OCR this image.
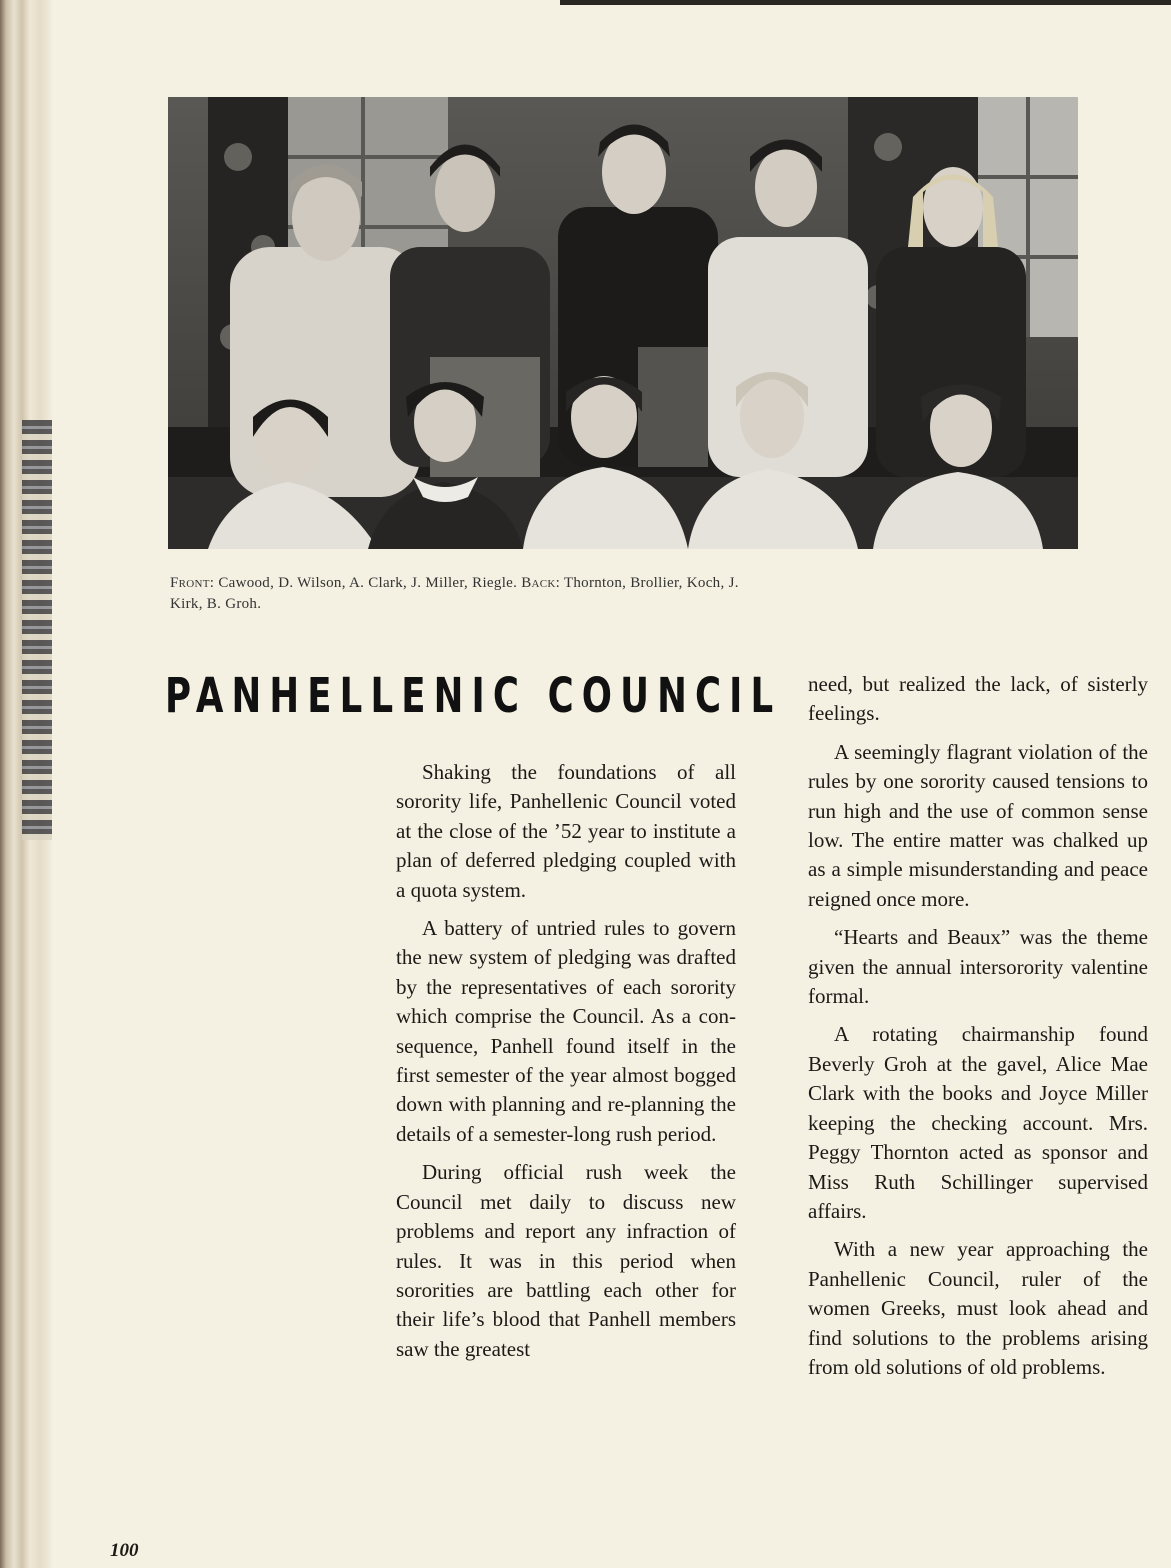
Front: Cawood, D. Wilson, A. Clark, J. Miller, Riegle. Back: Thornton, Brollier, Koch, J. Kirk, B. Groh.
PANHELLENIC COUNCIL

Shaking the foundations of all sorority life, Panhellenic Council voted at the close of the ’52 year to institute a plan of deferred pledging coupled with a quota system.

A battery of untried rules to govern the new system of pledging was drafted by the representatives of each sorority which comprise the Council. As a consequence, Panhell found itself in the first semester of the year almost bogged down with planning and re-planning the details of a semester-long rush period.

During official rush week the Council met daily to discuss new problems and report any infraction of rules. It was in this period when sororities are battling each other for their life’s blood that Panhell members saw the greatest

need, but realized the lack, of sisterly feelings.

A seemingly flagrant violation of the rules by one sorority caused tensions to run high and the use of common sense low. The entire matter was chalked up as a simple misunderstanding and peace reigned once more.

“Hearts and Beaux” was the theme given the annual intersorority valentine formal.

A rotating chairmanship found Beverly Groh at the gavel, Alice Mae Clark with the books and Joyce Miller keeping the checking account. Mrs. Peggy Thornton acted as sponsor and Miss Ruth Schillinger supervised affairs.

With a new year approaching the Panhellenic Council, ruler of the women Greeks, must look ahead and find solutions to the problems arising from old solutions of old problems.

100
